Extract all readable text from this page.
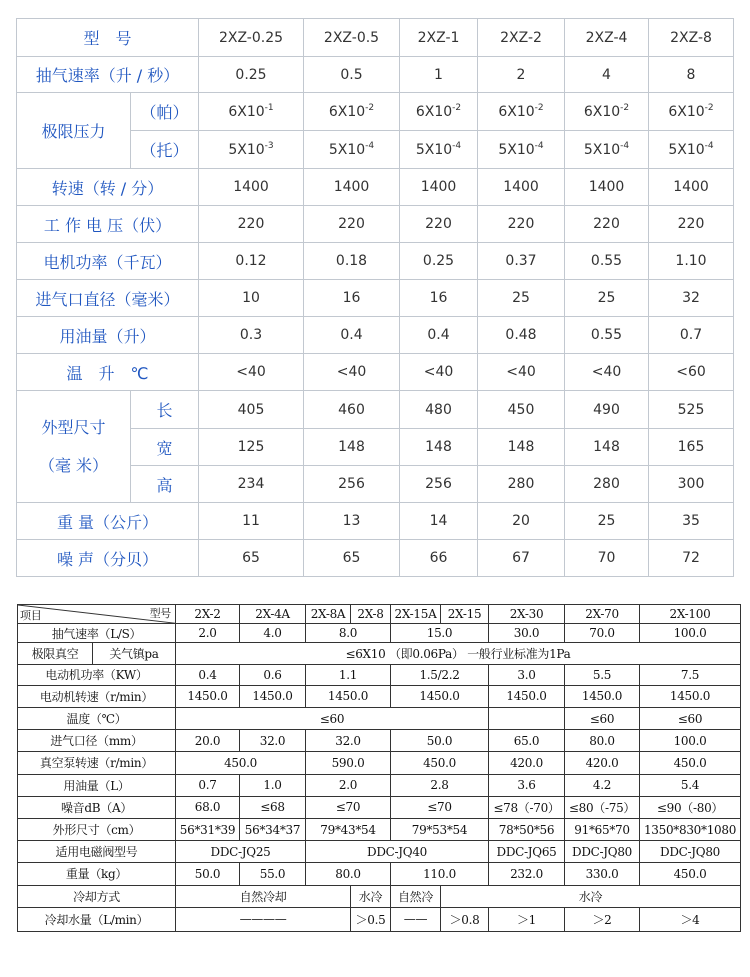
型　号		2XZ-0.25	2XZ-0.5	2XZ-1	2XZ-2	2XZ-4	2XZ-8
抽气速率（升 / 秒）		0.25	0.5	1	2	4	8
极限压力	（帕）	$6X10^{-1}$	$6X10^{-2}$	$6X10^{-2}$	$6X10^{-2}$	$6X10^{-2}$	$6X10^{-2}$
	（托）	$5X10^{-3}$	$5X10^{-4}$	$5X10^{-4}$	$5X10^{-4}$	$5X10^{-4}$	$5X10^{-4}$
转速（转 / 分）		1400	1400	1400	1400	1400	1400
工 作 电 压（伏）		220	220	220	220	220	220
电机功率（千瓦）		0.12	0.18	0.25	0.37	0.55	1.10
进气口直径（毫米）		10	16	16	25	25	32
用油量（升）		0.3	0.4	0.4	0.48	0.55	0.7
温　升　℃		<40	<40	<40	<40	<40	<60

外型尺寸
（毫 米）	长	405	460	480	450	490	525
	宽	125	148	148	148	148	165
	高	234	256	256	280	280	300
重 量（公斤）		11	13	14	20	25	35
噪 声（分贝）		65	65	66	67	70	72
型号
项目		2X-2	2X-4A	2X-8A	2X-8	2X-15A	2X-15	2X-30	2X-70	2X-100
抽气速率（L/S）		2.0	4.0	8.0		15.0		30.0	70.0	100.0
极限真空	关气镇pa	≤6X10 （即0.06Pa） 一般行业标准为1Pa								
电动机功率（KW）		0.4	0.6	1.1		1.5/2.2		3.0	5.5	7.5
电动机转速（r/min）		1450.0	1450.0	1450.0		1450.0		1450.0	1450.0	1450.0
温度（℃）		≤60							≤60	≤60
进气口径（mm）		20.0	32.0	32.0		50.0		65.0	80.0	100.0
真空泵转速（r/min）		450.0		590.0		450.0		420.0	420.0	450.0
用油量（L）		0.7	1.0	2.0		2.8		3.6	4.2	5.4
噪音dB（A）		68.0	≤68	≤70		≤70		≤78（-70）	≤80（-75）	≤90（-80）
外形尺寸（cm）		56*31*39	56*34*37	79*43*54		79*53*54		78*50*56	91*65*70	1350*830*1080
适用电磁阀型号		DDC-JQ25		DDC-JQ40				DDC-JQ65	DDC-JQ80	DDC-JQ80
重量（kg）		50.0	55.0	80.0		110.0		232.0	330.0	450.0
冷却方式		自然冷却			水冷	自然冷	水冷			
冷却水量（L/min）		————			＞0.5	——	＞0.8	＞1	＞2	＞4
